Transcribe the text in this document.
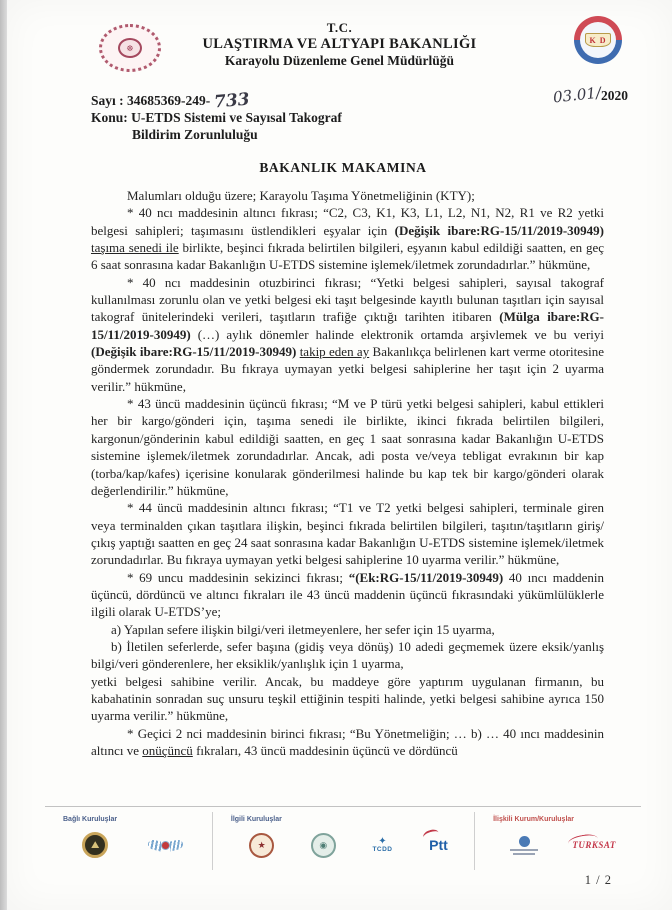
☸
T.C.
ULAŞTIRMA VE ALTYAPI BAKANLIĞI
Karayolu Düzenleme Genel Müdürlüğü
K D
Sayı : 34685369-249- 733	03.01/2020
Konu: U-ETDS Sistemi ve Sayısal Takograf
Bildirim Zorunluluğu
BAKANLIK MAKAMINA

Malumları olduğu üzere; Karayolu Taşıma Yönetmeliğinin (KTY);

* 40 ncı maddesinin altıncı fıkrası; “C2, C3, K1, K3, L1, L2, N1, N2, R1 ve R2 yetki belgesi sahipleri; taşımasını üstlendikleri eşyalar için (Değişik ibare:RG-15/11/2019-30949) taşıma senedi ile birlikte, beşinci fıkrada belirtilen bilgileri, eşyanın kabul edildiği saatten, en geç 6 saat sonrasına kadar Bakanlığın U-ETDS sistemine işlemek/iletmek zorundadırlar.” hükmüne,

* 40 ncı maddesinin otuzbirinci fıkrası; “Yetki belgesi sahipleri, sayısal takograf kullanılması zorunlu olan ve yetki belgesi eki taşıt belgesinde kayıtlı bulunan taşıtları için sayısal takograf ünitelerindeki verileri, taşıtların trafiğe çıktığı tarihten itibaren (Mülga ibare:RG-15/11/2019-30949) (…) aylık dönemler halinde elektronik ortamda arşivlemek ve bu veriyi (Değişik ibare:RG-15/11/2019-30949) takip eden ay Bakanlıkça belirlenen kart verme otoritesine göndermek zorundadır. Bu fıkraya uymayan yetki belgesi sahiplerine her taşıt için 2 uyarma verilir.” hükmüne,

* 43 üncü maddesinin üçüncü fıkrası; “M ve P türü yetki belgesi sahipleri, kabul ettikleri her bir kargo/gönderi için, taşıma senedi ile birlikte, ikinci fıkrada belirtilen bilgileri, kargonun/gönderinin kabul edildiği saatten, en geç 1 saat sonrasına kadar Bakanlığın U-ETDS sistemine işlemek/iletmek zorundadırlar. Ancak, adi posta ve/veya tebligat evrakının bir kap (torba/kap/kafes) içerisine konularak gönderilmesi halinde bu kap tek bir kargo/gönderi olarak değerlendirilir.” hükmüne,

* 44 üncü maddesinin altıncı fıkrası; “T1 ve T2 yetki belgesi sahipleri, terminale giren veya terminalden çıkan taşıtlara ilişkin, beşinci fıkrada belirtilen bilgileri, taşıtın/taşıtların giriş/çıkış yaptığı saatten en geç 24 saat sonrasına kadar Bakanlığın U-ETDS sistemine işlemek/iletmek zorundadırlar. Bu fıkraya uymayan yetki belgesi sahiplerine 10 uyarma verilir.” hükmüne,

* 69 uncu maddesinin sekizinci fıkrası; “(Ek:RG-15/11/2019-30949) 40 ıncı maddenin üçüncü, dördüncü ve altıncı fıkraları ile 43 üncü maddenin üçüncü fıkrasındaki yükümlülüklerle ilgili olarak U-ETDS’ye;

a) Yapılan sefere ilişkin bilgi/veri iletmeyenlere, her sefer için 15 uyarma,

b) İletilen seferlerde, sefer başına (gidiş veya dönüş) 10 adedi geçmemek üzere eksik/yanlış bilgi/veri gönderenlere, her eksiklik/yanlışlık için 1 uyarma,

yetki belgesi sahibine verilir. Ancak, bu maddeye göre yaptırım uygulanan firmanın, bu kabahatinin sonradan suç unsuru teşkil ettiğinin tespiti halinde, yetki belgesi sahibine ayrıca 150 uyarma verilir.” hükmüne,

* Geçici 2 nci maddesinin birinci fıkrası; “Bu Yönetmeliğin; … b) … 40 ıncı maddesinin altıncı ve onüçüncü fıkraları, 43 üncü maddesinin üçüncü ve dördüncü

Bağlı Kuruluşlar
⛰
İlgili Kuruluşlar
★	◉	✦
TCDD	Ptt
İlişkili Kurum/Kuruluşlar
TURKSAT
1 / 2
